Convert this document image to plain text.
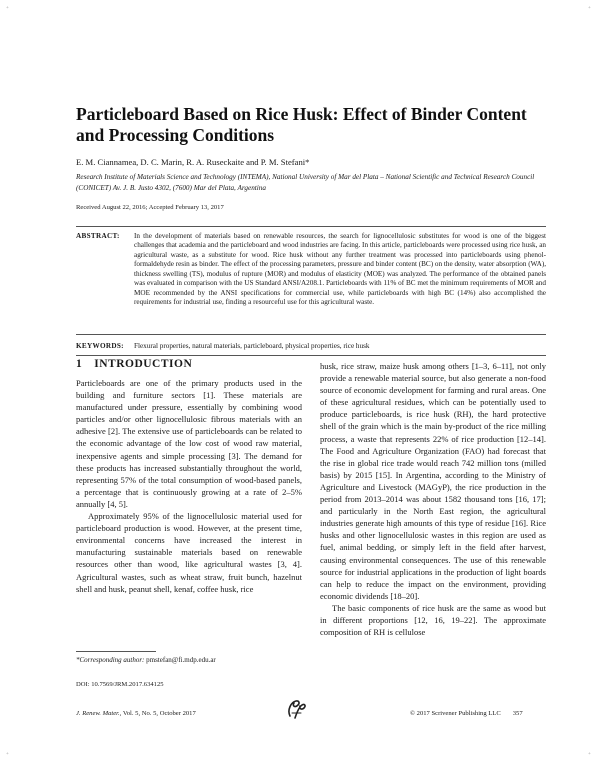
Particleboard Based on Rice Husk: Effect of Binder Content and Processing Conditions
E. M. Ciannamea, D. C. Marin, R. A. Ruseckaite and P. M. Stefani*
Research Institute of Materials Science and Technology (INTEMA), National University of Mar del Plata – National Scientific and Technical Research Council (CONICET) Av. J. B. Justo 4302, (7600) Mar del Plata, Argentina
Received August 22, 2016; Accepted February 13, 2017
ABSTRACT: In the development of materials based on renewable resources, the search for lignocellulosic substitutes for wood is one of the biggest challenges that academia and the particleboard and wood industries are facing. In this article, particleboards were processed using rice husk, an agricultural waste, as a substitute for wood. Rice husk without any further treatment was processed into particleboards using phenol-formaldehyde resin as binder. The effect of the processing parameters, pressure and binder content (BC) on the density, water absorption (WA), thickness swelling (TS), modulus of rupture (MOR) and modulus of elasticity (MOE) was analyzed. The performance of the obtained panels was evaluated in comparison with the US Standard ANSI/A208.1. Particleboards with 11% of BC met the minimum requirements of MOR and MOE recommended by the ANSI specifications for commercial use, while particleboards with high BC (14%) also accomplished the requirements for industrial use, finding a resourceful use for this agricultural waste.
KEYWORDS: Flexural properties, natural materials, particleboard, physical properties, rice husk
1 INTRODUCTION

Particleboards are one of the primary products used in the building and furniture sectors [1]. These materials are manufactured under pressure, essentially by combining wood particles and/or other lignocellulosic fibrous materials with an adhesive [2]. The extensive use of particleboards can be related to the economic advantage of the low cost of wood raw material, inexpensive agents and simple processing [3]. The demand for these products has increased substantially throughout the world, representing 57% of the total consumption of wood-based panels, a percentage that is continuously growing at a rate of 2–5% annually [4, 5].

Approximately 95% of the lignocellulosic material used for particleboard production is wood. However, at the present time, environmental concerns have increased the interest in manufacturing sustainable materials based on renewable resources other than wood, like agricultural wastes [3, 4]. Agricultural wastes, such as wheat straw, fruit bunch, hazelnut shell and husk, peanut shell, kenaf, coffee husk, rice

husk, rice straw, maize husk among others [1–3, 6–11], not only provide a renewable material source, but also generate a non-food source of economic development for farming and rural areas. One of these agricultural residues, which can be potentially used to produce particleboards, is rice husk (RH), the hard protective shell of the grain which is the main by-product of the rice milling process, a waste that represents 22% of rice production [12–14]. The Food and Agriculture Organization (FAO) had forecast that the rise in global rice trade would reach 742 million tons (milled basis) by 2015 [15]. In Argentina, according to the Ministry of Agriculture and Livestock (MAGyP), the rice production in the period from 2013–2014 was about 1582 thousand tons [16, 17]; and particularly in the North East region, the agricultural industries generate high amounts of this type of residue [16]. Rice husks and other lignocellulosic wastes in this region are used as fuel, animal bedding, or simply left in the field after harvest, causing environmental consequences. The use of this renewable source for industrial applications in the production of light boards can help to reduce the impact on the environment, providing economic dividends [18–20].

The basic components of rice husk are the same as wood but in different proportions [12, 16, 19–22]. The approximate composition of RH is cellulose

*Corresponding author: pmstefan@fi.mdp.edu.ar
DOI: 10.7569/JRM.2017.634125
J. Renew. Mater., Vol. 5, No. 5, October 2017	© 2017 Scrivener Publishing LLC 357
+	+
+	+
